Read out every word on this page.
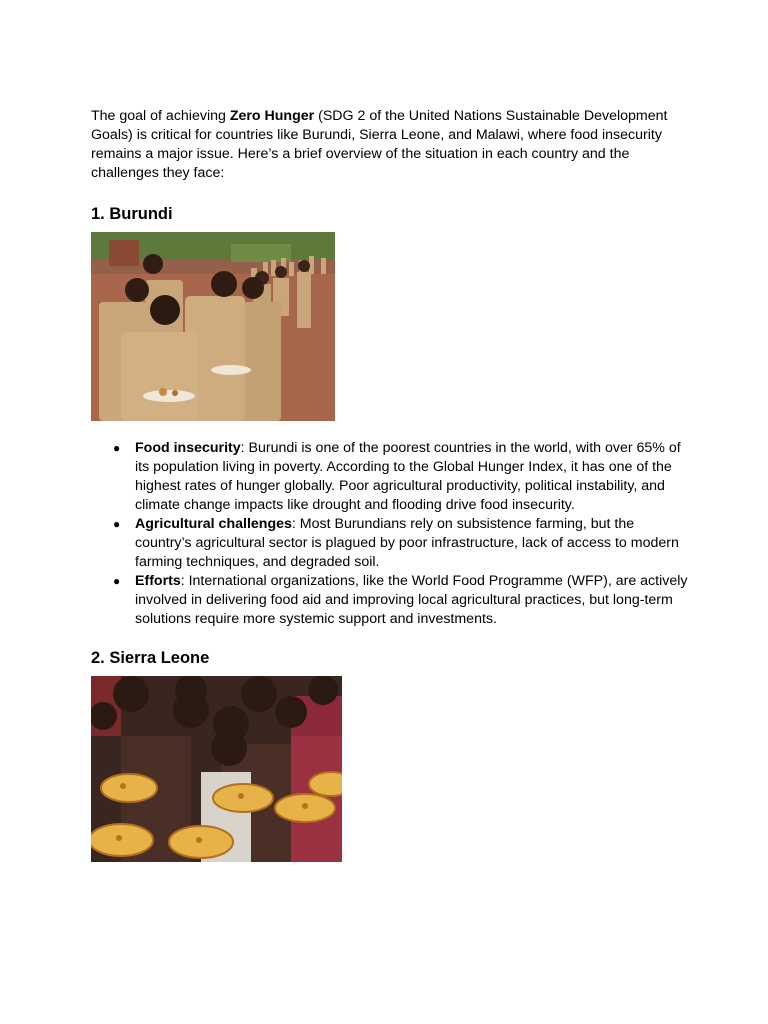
The goal of achieving Zero Hunger (SDG 2 of the United Nations Sustainable Development Goals) is critical for countries like Burundi, Sierra Leone, and Malawi, where food insecurity remains a major issue. Here’s a brief overview of the situation in each country and the challenges they face:

1. Burundi
● Food insecurity: Burundi is one of the poorest countries in the world, with over 65% of its population living in poverty. According to the Global Hunger Index, it has one of the highest rates of hunger globally. Poor agricultural productivity, political instability, and climate change impacts like drought and flooding drive food insecurity.
● Agricultural challenges: Most Burundians rely on subsistence farming, but the country’s agricultural sector is plagued by poor infrastructure, lack of access to modern farming techniques, and degraded soil.
● Efforts: International organizations, like the World Food Programme (WFP), are actively involved in delivering food aid and improving local agricultural practices, but long-term solutions require more systemic support and investments.
2. Sierra Leone
